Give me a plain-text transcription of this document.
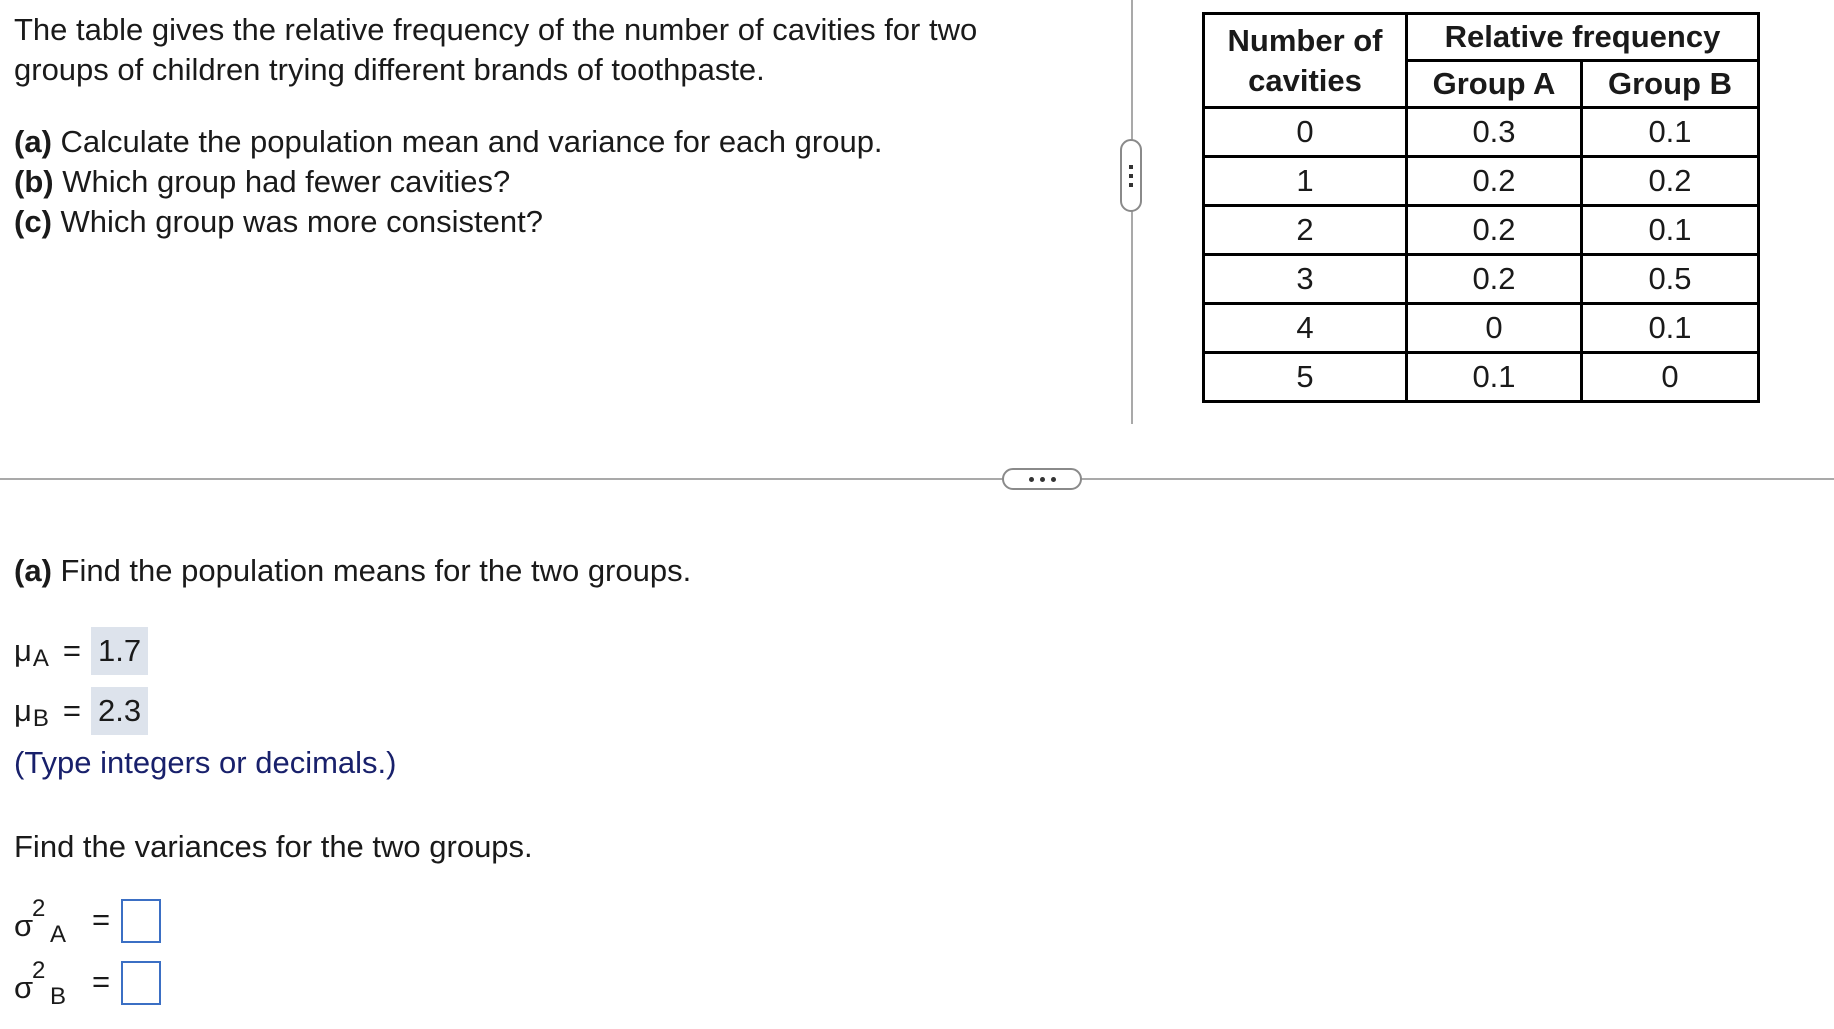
The table gives the relative frequency of the number of cavities for two groups of children trying different brands of toothpaste.

(a) Calculate the population mean and variance for each group.
(b) Which group had fewer cavities?
(c) Which group was more consistent?

Number of cavities	Relative frequency	
	Group A	Group B
0	0.3	0.1
1	0.2	0.2
2	0.2	0.1
3	0.2	0.5
4	0	0.1
5	0.1	0

(a) Find the population means for the two groups.

μ A = 1.7
μ B = 2.3
(Type integers or decimals.)
Find the variances for the two groups.
σ
2
A =
σ
2
B =
